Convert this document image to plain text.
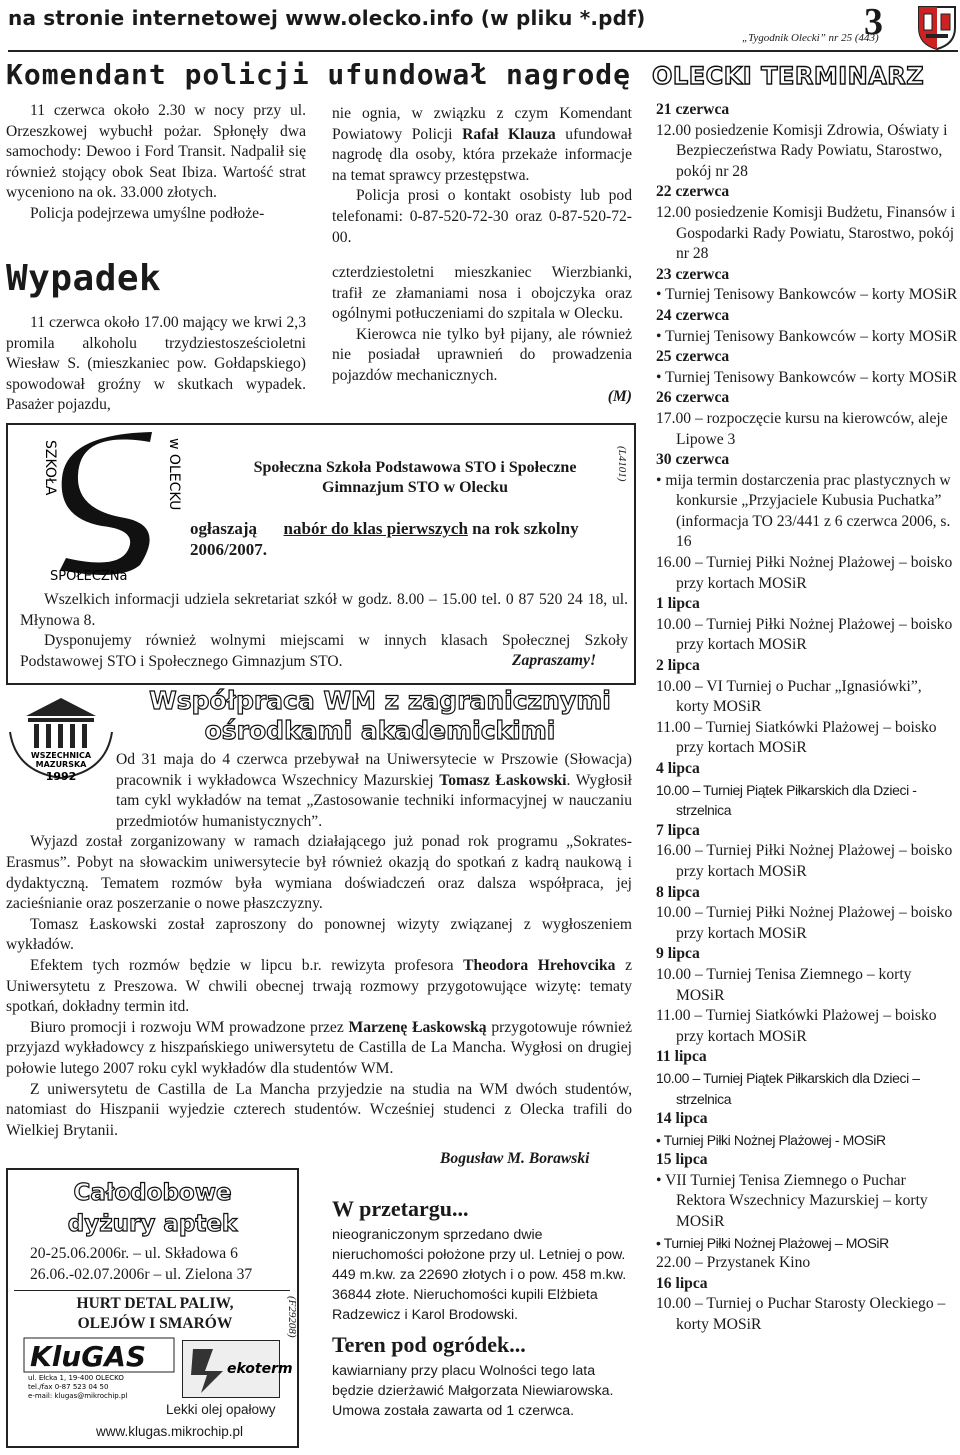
na stronie internetowej www.olecko.info (w pliku *.pdf)
„Tygodnik Olecki” nr 25 (443)
3
Komendant policji ufundował nagrodę

11 czerwca około 2.30 w nocy przy ul. Orzeszkowej wybuchł pożar. Spłonęły dwa samochody: Dewoo i Ford Transit. Nadpalił się również stojący obok Seat Ibiza. Wartość strat wyceniono na ok. 33.000 złotych.

Policja podejrzewa umyślne podłoże-

nie ognia, w związku z czym Komendant Powiatowy Policji Rafał Klauza ufundował nagrodę dla osoby, która przekaże informacje na temat sprawcy przestępstwa.

Policja prosi o kontakt osobisty lub pod telefonami: 0-87-520-72-30 oraz 0-87-520-72-00.

Wypadek

11 czerwca około 17.00 mający we krwi 2,3 promila alkoholu trzydziestosześcioletni Wiesław S. (mieszkaniec pow. Gołdapskiego) spowodował groźny w skutkach wypadek. Pasażer pojazdu,

czterdziestoletni mieszkaniec Wierzbianki, trafił ze złamaniami nosa i obojczyka oraz ogólnymi potłuczeniami do szpitala w Olecku.

Kierowca nie tylko był pijany, ale również nie posiadał uprawnień do prowadzenia pojazdów mechanicznych.

(M)
SZKOŁA	w OLECKU
SPOŁECZNa
Społeczna Szkoła Podstawowa STO i Społeczne Gimnazjum STO w Olecku
ogłaszają nabór do klas pierwszych na rok szkolny 2006/2007.
(L4101)

Wszelkich informacji udziela sekretariat szkół w godz. 8.00 – 15.00 tel. 0 87 520 24 18, ul. Młynowa 8.

Dysponujemy również wolnymi miejscami w innych klasach Społecznej Szkoły Podstawowej STO i Społecznego Gimnazjum STO.	Zapraszamy!
WSZECHNICA
MAZURSKA
1992
Współpraca WM z zagranicznymi
ośrodkami akademickimi

Od 31 maja do 4 czerwca przebywał na Uniwersytecie w Prszowie (Słowacja) pracownik i wykładowca Wszechnicy Mazurskiej Tomasz Łaskowski. Wygłosił tam cykl wykładów na temat „Zastosowanie techniki informacyjnej w nauczaniu przedmiotów humanistycznych”.

Wyjazd został zorganizowany w ramach działającego już ponad rok programu „Sokrates-Erasmus”. Pobyt na słowackim uniwersytecie był również okazją do spotkań z kadrą naukową i dydaktyczną. Tematem rozmów była wymiana doświadczeń oraz dalsza współpraca, jej zacieśnianie oraz poszerzanie o nowe płaszczyzny.

Tomasz Łaskowski został zaproszony do ponownej wizyty związanej z wygłoszeniem wykładów.

Efektem tych rozmów będzie w lipcu b.r. rewizyta profesora Theodora Hrehovcika z Uniwersytetu z Preszowa. W chwili obecnej trwają rozmowy przygotowujące wizytę: tematy spotkań, dokładny termin itd.

Biuro promocji i rozwoju WM prowadzone przez Marzenę Łaskowską przygotowuje również przyjazd wykładowcy z hiszpańskiego uniwersytetu de Castilla de La Mancha. Wygłosi on drugiej połowie lutego 2007 roku cykl wykładów dla studentów WM.

Z uniwersytetu de Castilla de La Mancha przyjedzie na studia na WM dwóch studentów, natomiast do Hiszpanii wyjedzie czterech studentów. Wcześniej studenci z Olecka trafili do Wielkiej Brytanii.

Bogusław M. Borawski
Całodobowe
dyżury aptek
20-25.06.2006r. – ul. Składowa 6
26.06.-02.07.2006r – ul. Zielona 37
HURT DETAL PALIW,
OLEJÓW I SMARÓW
KluGAS
ul. Ełcka 1, 19-400 OLECKO
tel./fax 0-87 523 04 50
e-mail: klugas@mikrochip.pl
ekoterm
(F29208)
Lekki olej opałowy
www.klugas.mikrochip.pl
W przetargu...
nieograniczonym sprzedano dwie nieruchomości położone przy ul. Letniej o pow. 449 m.kw. za 22690 złotych i o pow. 458 m.kw. 36844 złote. Nieruchomości kupili Elżbieta Radzewicz i Karol Brodowski.
Teren pod ogródek...
kawiarniany przy placu Wolności tego lata będzie dzierżawić Małgorzata Niewiarowska. Umowa została zawarta od 1 czerwca.
OLECKI TERMINARZ
21 czerwca
12.00 posiedzenie Komisji Zdrowia, Oświaty i Bezpieczeństwa Rady Powiatu, Starostwo, pokój nr 28
22 czerwca
12.00 posiedzenie Komisji Budżetu, Finansów i Gospodarki Rady Powiatu, Starostwo, pokój nr 28
23 czerwca
• Turniej Tenisowy Bankowców – korty MOSiR
24 czerwca
• Turniej Tenisowy Bankowców – korty MOSiR
25 czerwca
• Turniej Tenisowy Bankowców – korty MOSiR
26 czerwca
17.00 – rozpoczęcie kursu na kierowców, aleje Lipowe 3
30 czerwca
• mija termin dostarczenia prac plastycznych w konkursie „Przyjaciele Kubusia Puchatka” (informacja TO 23/441 z 6 czerwca 2006, s. 16
16.00 – Turniej Piłki Nożnej Plażowej – boisko przy kortach MOSiR
1 lipca
10.00 – Turniej Piłki Nożnej Plażowej – boisko przy kortach MOSiR
2 lipca
10.00 – VI Turniej o Puchar „Ignasiówki”, korty MOSiR
11.00 – Turniej Siatkówki Plażowej – boisko przy kortach MOSiR
4 lipca
10.00 – Turniej Piątek Piłkarskich dla Dzieci - strzelnica
7 lipca
16.00 – Turniej Piłki Nożnej Plażowej – boisko przy kortach MOSiR
8 lipca
10.00 – Turniej Piłki Nożnej Plażowej – boisko przy kortach MOSiR
9 lipca
10.00 – Turniej Tenisa Ziemnego – korty MOSiR
11.00 – Turniej Siatkówki Plażowej – boisko przy kortach MOSiR
11 lipca
10.00 – Turniej Piątek Piłkarskich dla Dzieci – strzelnica
14 lipca
• Turniej Piłki Nożnej Plażowej - MOSiR
15 lipca
• VII Turniej Tenisa Ziemnego o Puchar Rektora Wszechnicy Mazurskiej – korty MOSiR
• Turniej Piłki Nożnej Plażowej – MOSiR
22.00 – Przystanek Kino
16 lipca
10.00 – Turniej o Puchar Starosty Oleckiego – korty MOSiR
